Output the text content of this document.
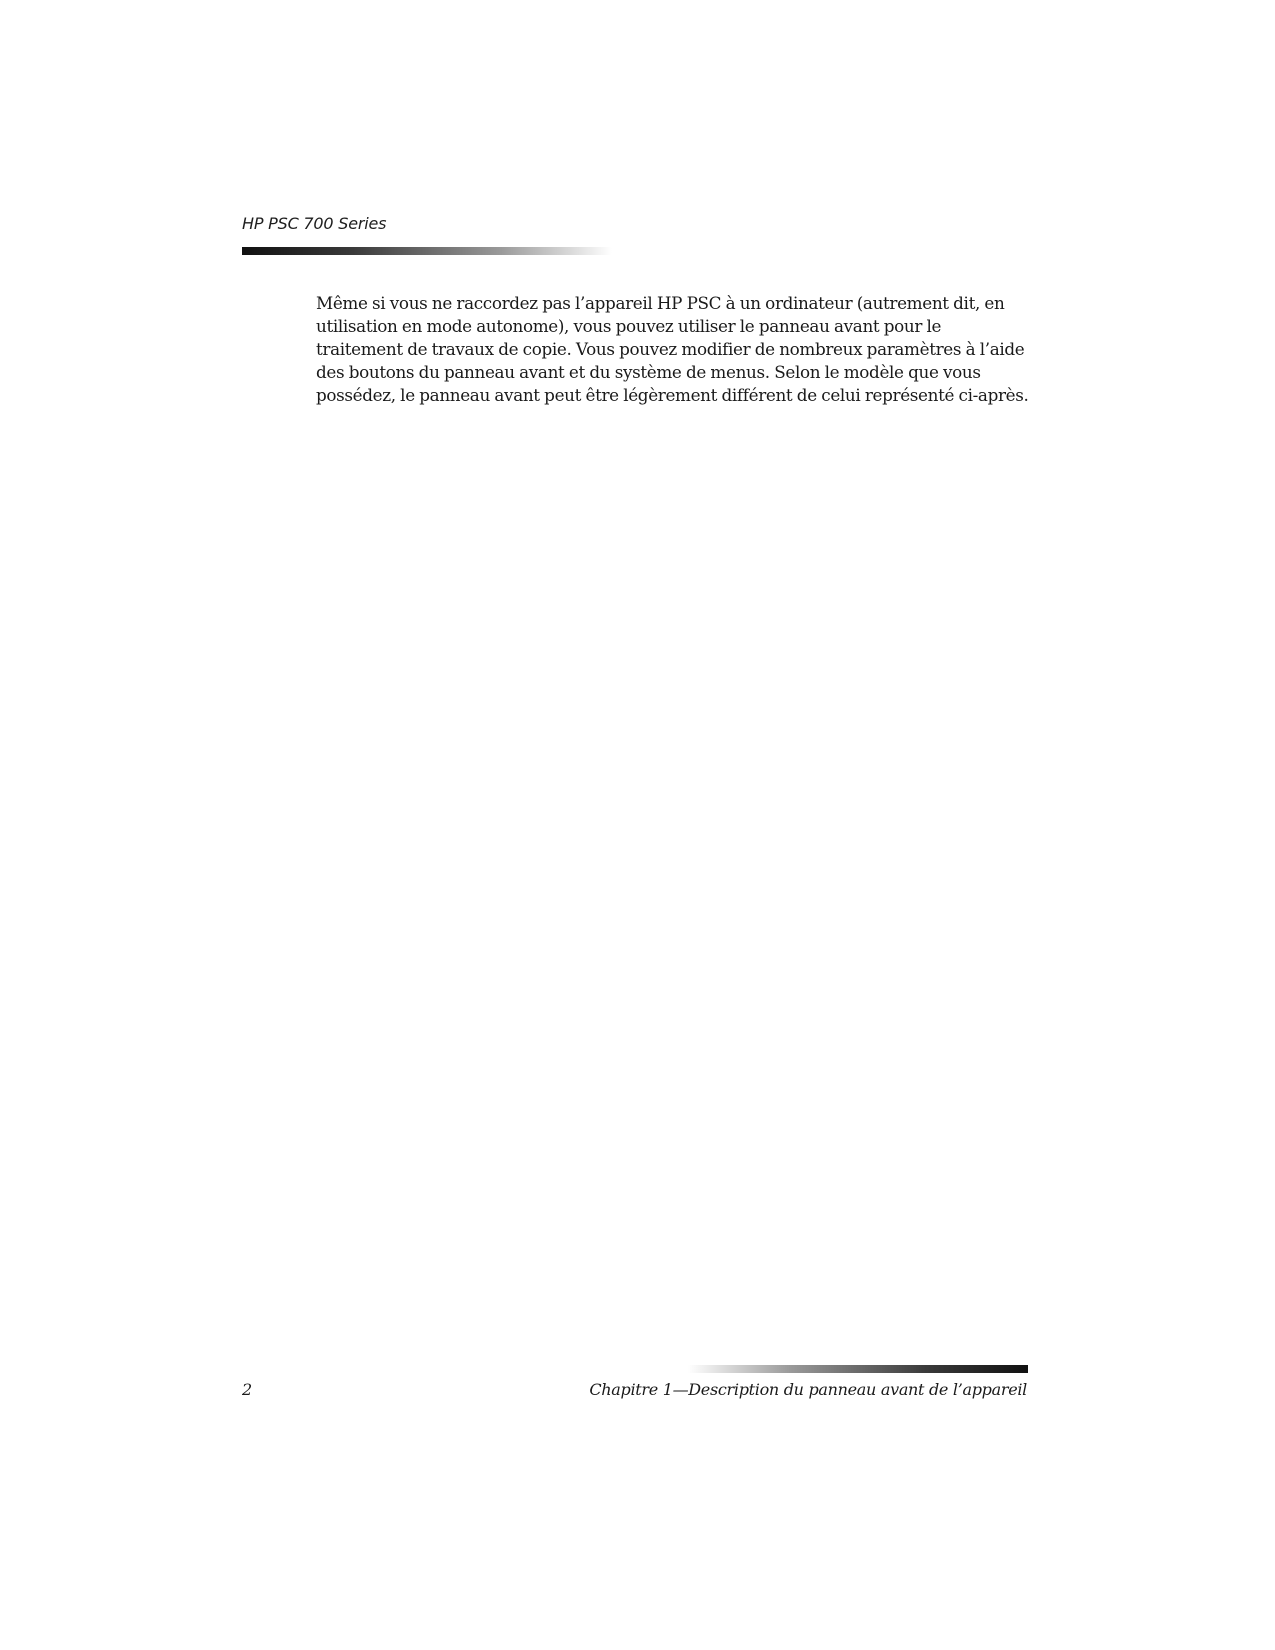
HP PSC 700 Series

Même si vous ne raccordez pas l’appareil HP PSC à un ordinateur (autrement dit, en utilisation en mode autonome), vous pouvez utiliser le panneau avant pour le traitement de travaux de copie. Vous pouvez modifier de nombreux paramètres à l’aide des boutons du panneau avant et du système de menus. Selon le modèle que vous possédez, le panneau avant peut être légèrement différent de celui représenté ci-après.

2	Chapitre 1—Description du panneau avant de l’appareil
